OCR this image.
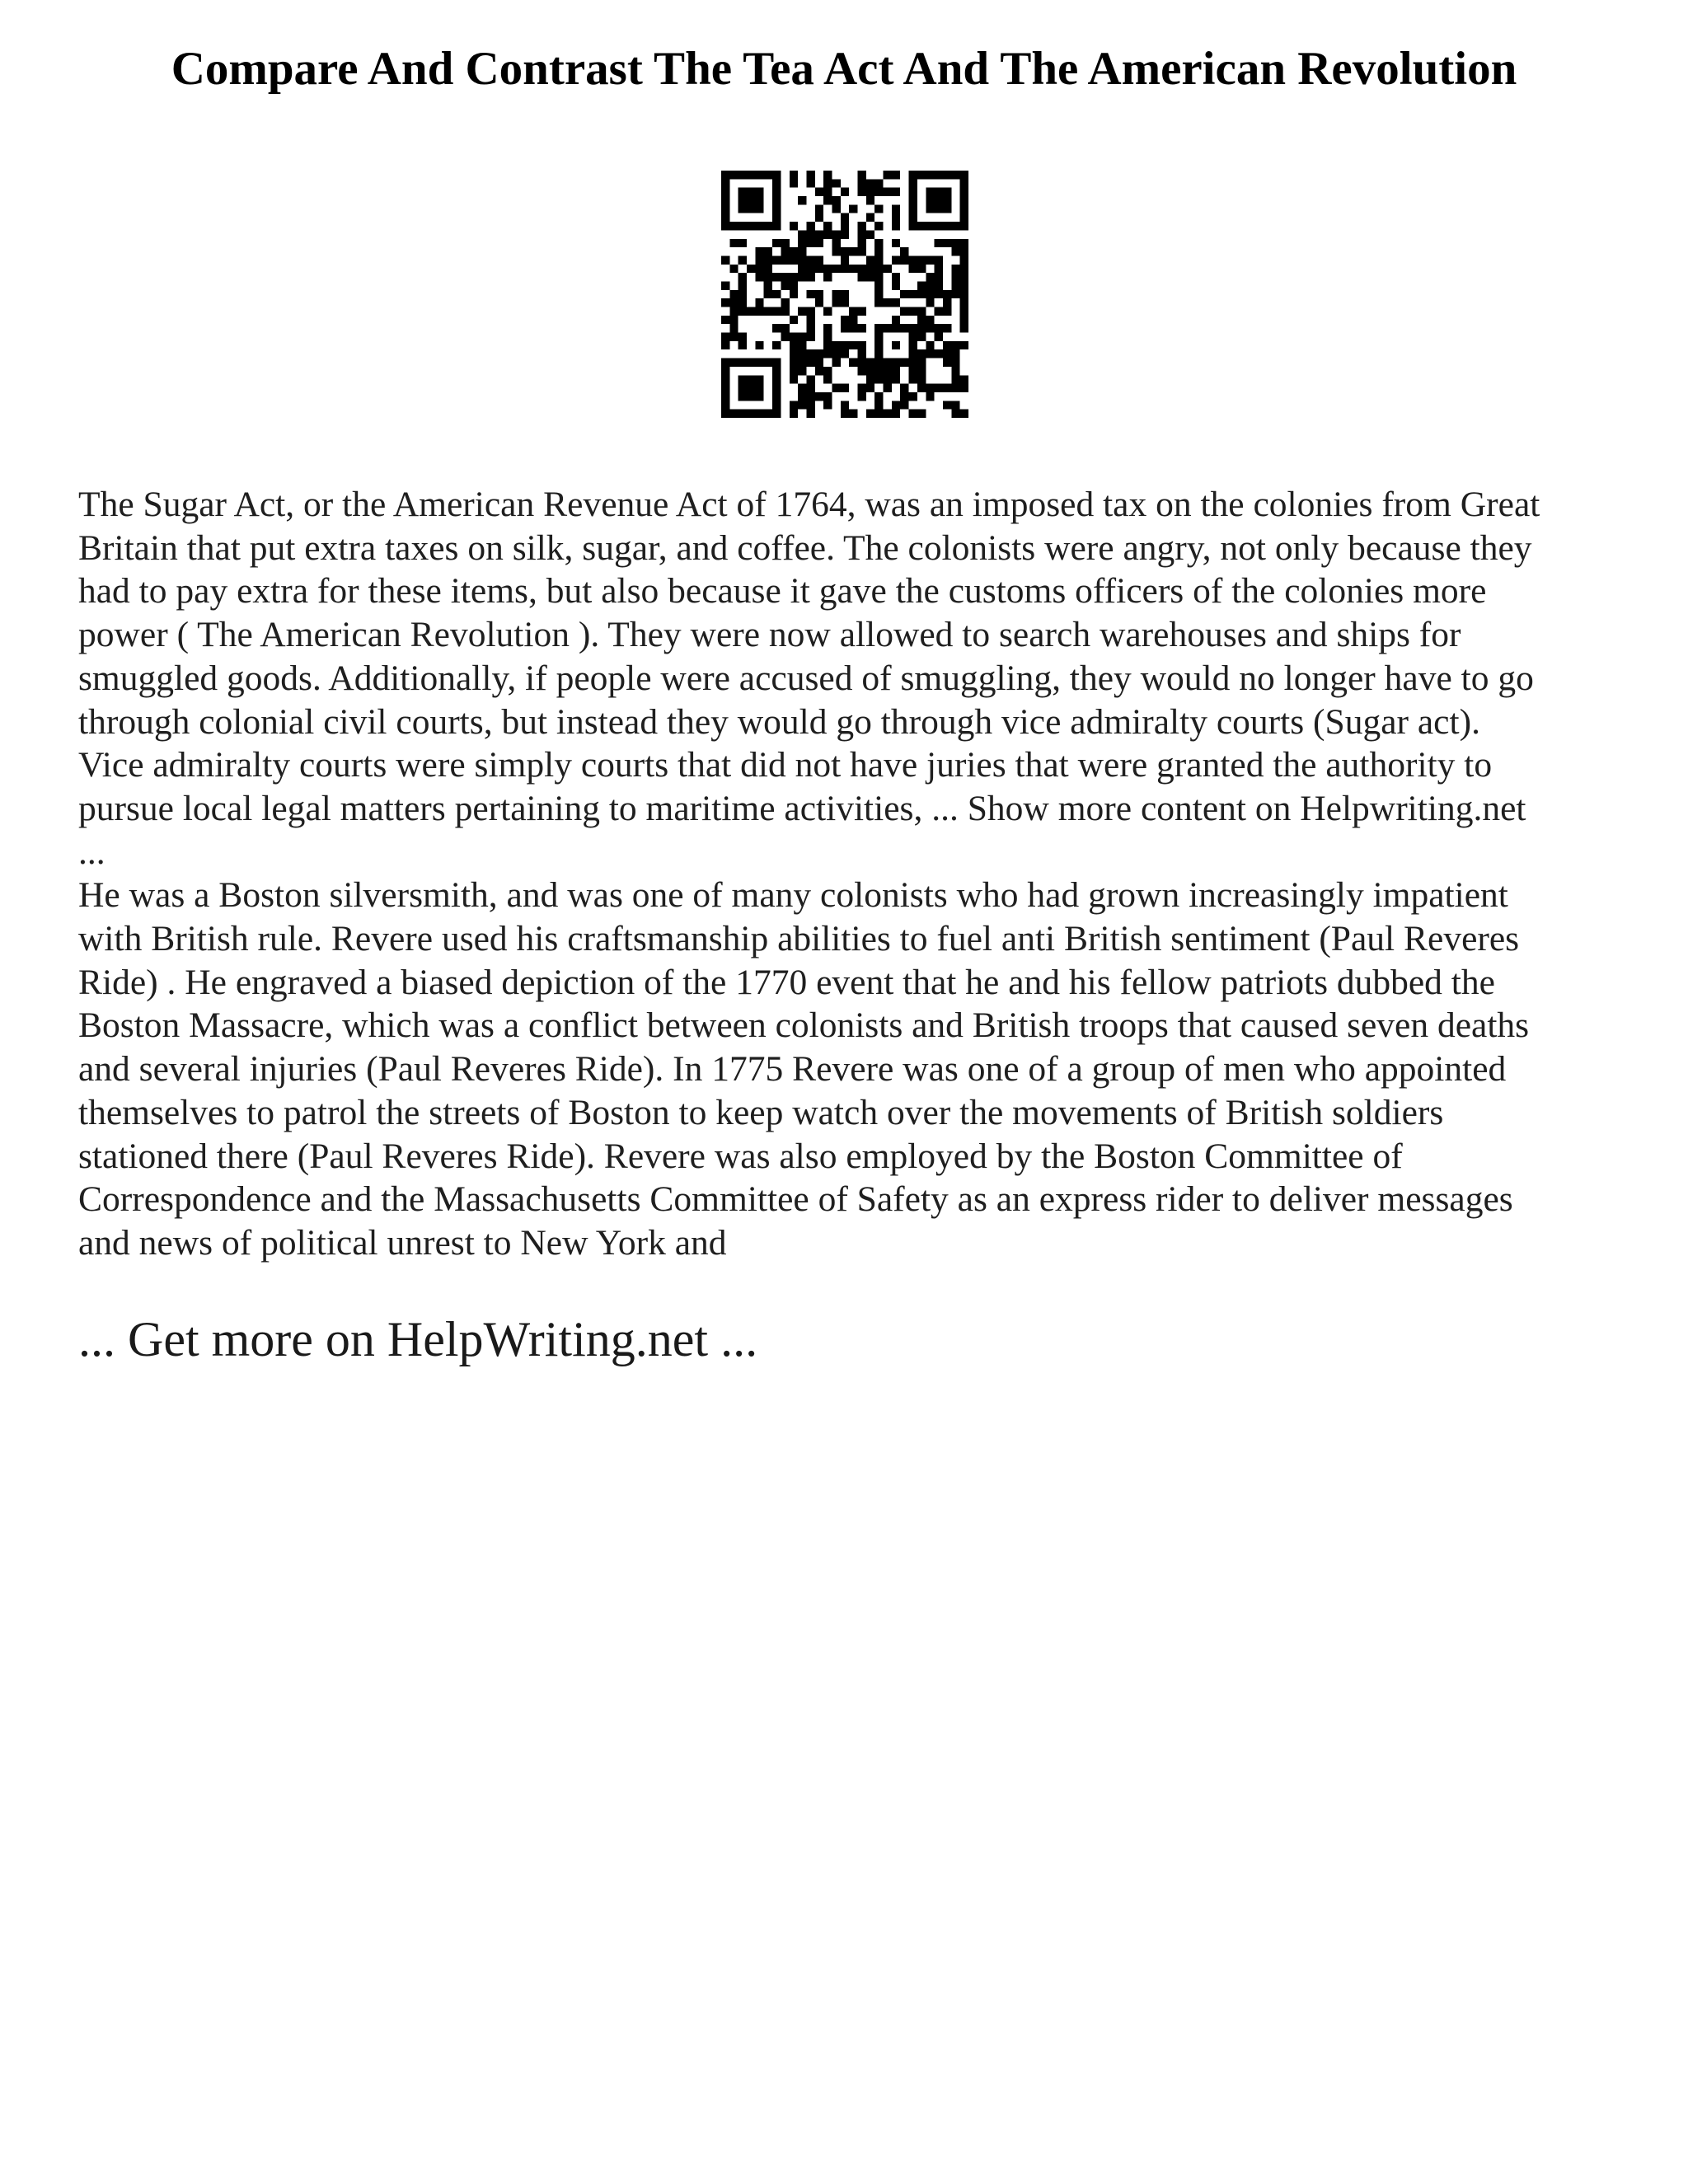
Compare And Contrast The Tea Act And The American Revolution

The Sugar Act, or the American Revenue Act of 1764, was an imposed tax on the colonies from Great
Britain that put extra taxes on silk, sugar, and coffee. The colonists were angry, not only because they
had to pay extra for these items, but also because it gave the customs officers of the colonies more
power ( The American Revolution ). They were now allowed to search warehouses and ships for
smuggled goods. Additionally, if people were accused of smuggling, they would no longer have to go
through colonial civil courts, but instead they would go through vice admiralty courts (Sugar act).
Vice admiralty courts were simply courts that did not have juries that were granted the authority to
pursue local legal matters pertaining to maritime activities, ... Show more content on Helpwriting.net
...

He was a Boston silversmith, and was one of many colonists who had grown increasingly impatient
with British rule. Revere used his craftsmanship abilities to fuel anti British sentiment (Paul Reveres
Ride) . He engraved a biased depiction of the 1770 event that he and his fellow patriots dubbed the
Boston Massacre, which was a conflict between colonists and British troops that caused seven deaths
and several injuries (Paul Reveres Ride). In 1775 Revere was one of a group of men who appointed
themselves to patrol the streets of Boston to keep watch over the movements of British soldiers
stationed there (Paul Reveres Ride). Revere was also employed by the Boston Committee of
Correspondence and the Massachusetts Committee of Safety as an express rider to deliver messages
and news of political unrest to New York and

... Get more on HelpWriting.net ...
